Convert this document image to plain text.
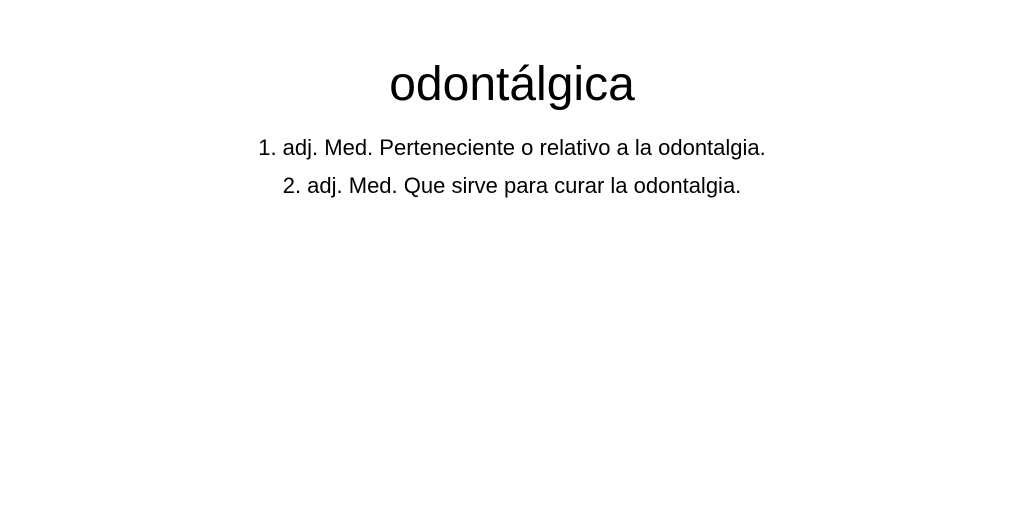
odontálgica
1. adj. Med. Perteneciente o relativo a la odontalgia.
2. adj. Med. Que sirve para curar la odontalgia.
